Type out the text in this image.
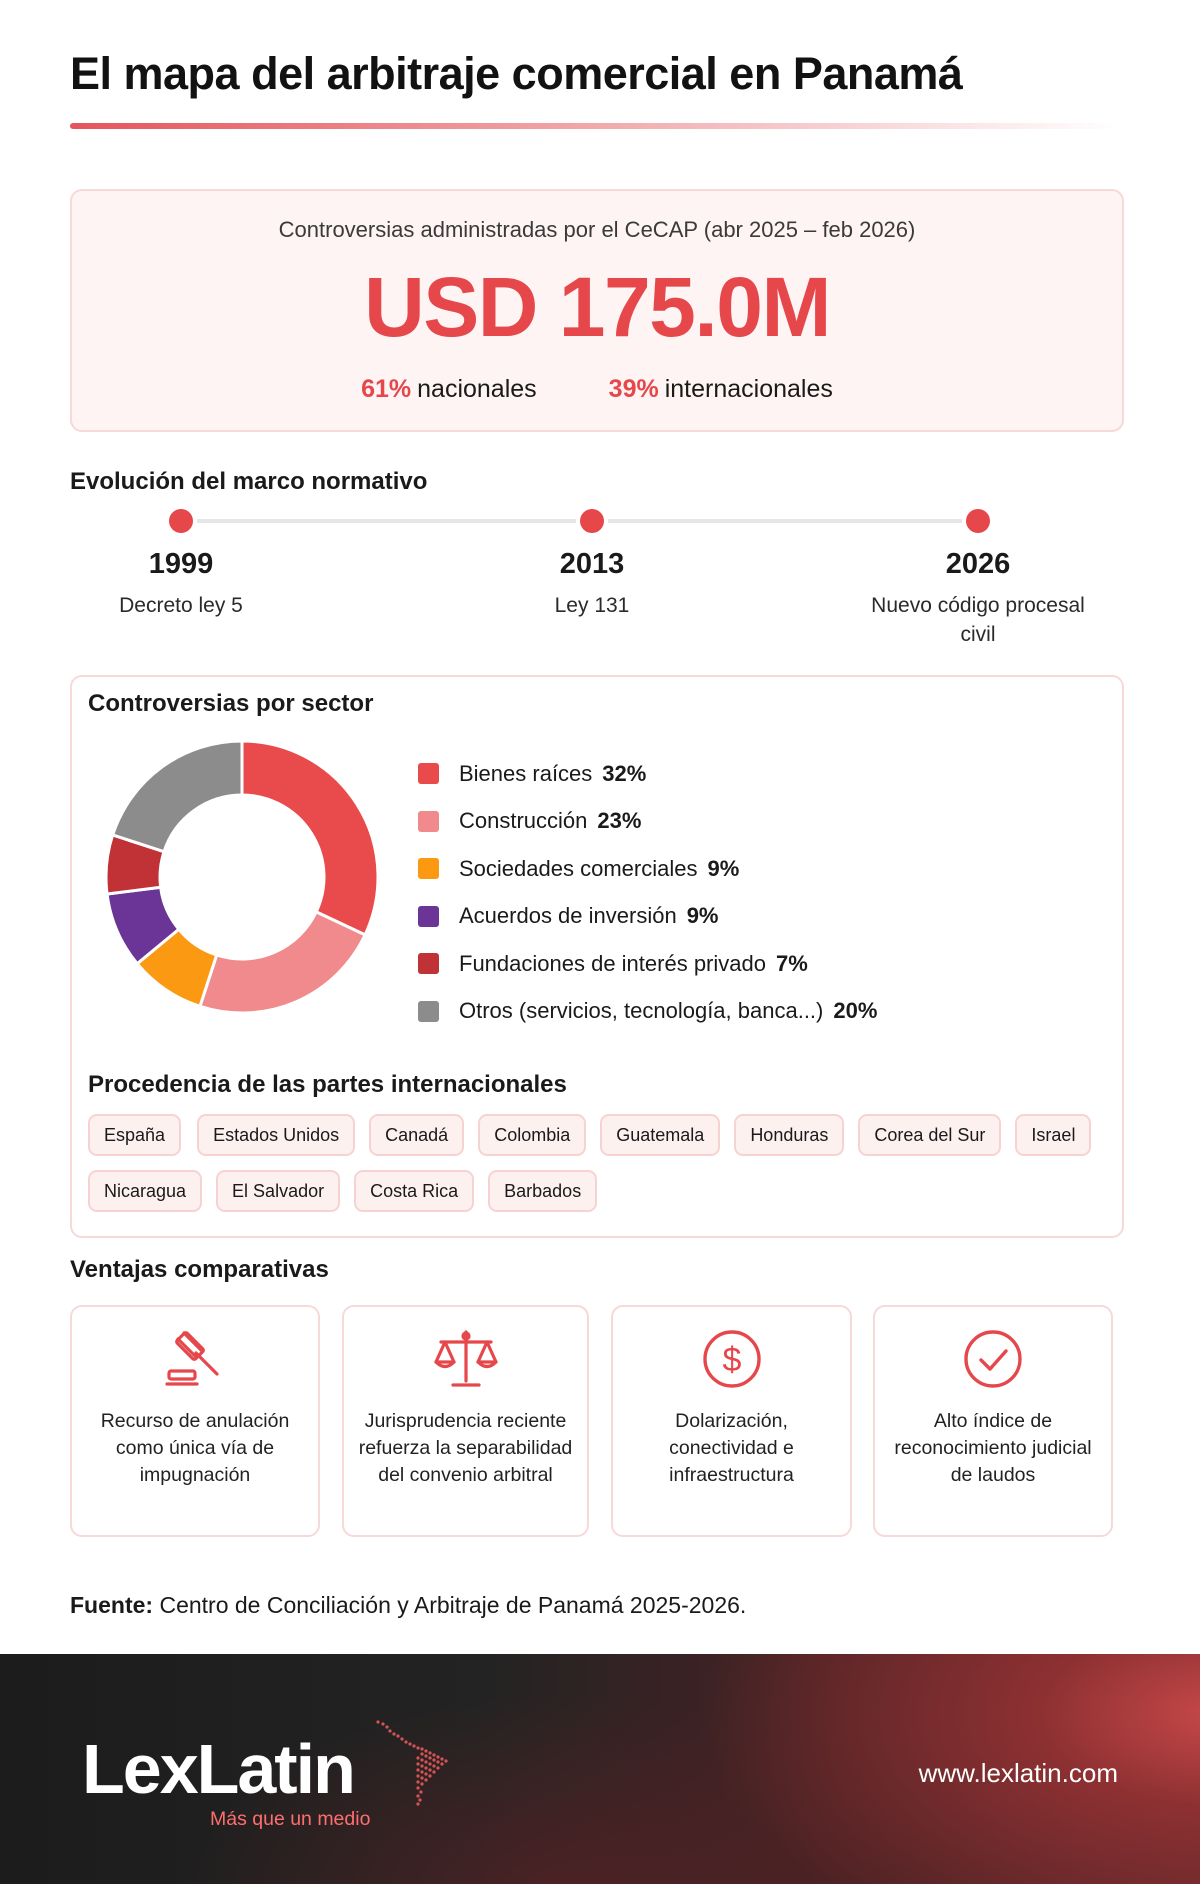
El mapa del arbitraje comercial en Panamá
Controversias administradas por el CeCAP (abr 2025 – feb 2026)
USD 175.0M
61% nacionales	39% internacionales
Evolución del marco normativo
1999
Decreto ley 5
2013
Ley 131
2026
Nuevo código procesal civil
Controversias por sector
Bienes raíces 32%
Construcción 23%
Sociedades comerciales 9%
Acuerdos de inversión 9%
Fundaciones de interés privado 7%
Otros (servicios, tecnología, banca...) 20%
Procedencia de las partes internacionales
España	Estados Unidos	Canadá	Colombia	Guatemala	Honduras	Corea del Sur	Israel
Nicaragua	El Salvador	Costa Rica	Barbados
Ventajas comparativas
Recurso de anulación como única vía de impugnación
Jurisprudencia reciente refuerza la separabilidad del convenio arbitral
$
Dolarización, conectividad e infraestructura
Alto índice de reconocimiento judicial de laudos
Fuente: Centro de Conciliación y Arbitraje de Panamá 2025-2026.
LexLatin
Más que un medio
www.lexlatin.com
